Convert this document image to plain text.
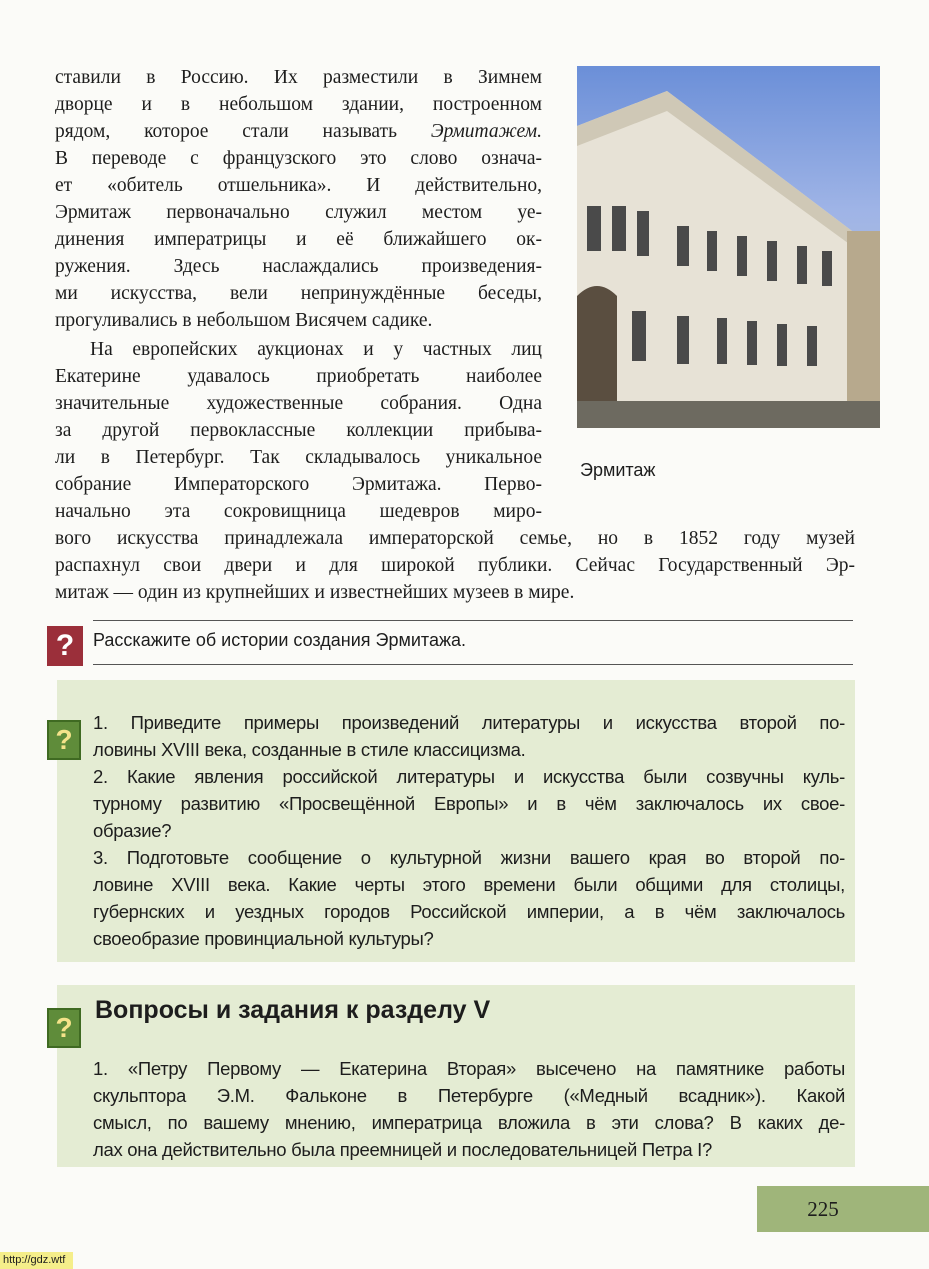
ставили в Россию. Их разместили в Зимнем
дворце и в небольшом здании, построенном
рядом, которое стали называть Эрмитажем.
В переводе с французского это слово означа-
ет «обитель отшельника». И действительно,
Эрмитаж первоначально служил местом уе-
динения императрицы и её ближайшего ок-
ружения. Здесь наслаждались произведения-
ми искусства, вели непринуждённые беседы,
прогуливались в небольшом Висячем садике.
На европейских аукционах и у частных лиц
Екатерине удавалось приобретать наиболее
значительные художественные собрания. Одна
за другой первоклассные коллекции прибыва-
ли в Петербург. Так складывалось уникальное
собрание Императорского Эрмитажа. Перво-
начально эта сокровищница шедевров миро-
вого искусства принадлежала императорской семье, но в 1852 году музей
распахнул свои двери и для широкой публики. Сейчас Государственный Эр-
митаж — один из крупнейших и известнейших музеев в мире.
Эрмитаж
?	Расскажите об истории создания Эрмитажа.
?
1. Приведите примеры произведений литературы и искусства второй по-
ловины XVIII века, созданные в стиле классицизма.
2. Какие явления российской литературы и искусства были созвучны куль-
турному развитию «Просвещённой Европы» и в чём заключалось их свое-
образие?
3. Подготовьте сообщение о культурной жизни вашего края во второй по-
ловине XVIII века. Какие черты этого времени были общими для столицы,
губернских и уездных городов Российской империи, а в чём заключалось
своеобразие провинциальной культуры?
?
Вопросы и задания к разделу V
1. «Петру Первому — Екатерина Вторая» высечено на памятнике работы
скульптора Э.М. Фальконе в Петербурге («Медный всадник»). Какой
смысл, по вашему мнению, императрица вложила в эти слова? В каких де-
лах она действительно была преемницей и последовательницей Петра I?
225
http://gdz.wtf
